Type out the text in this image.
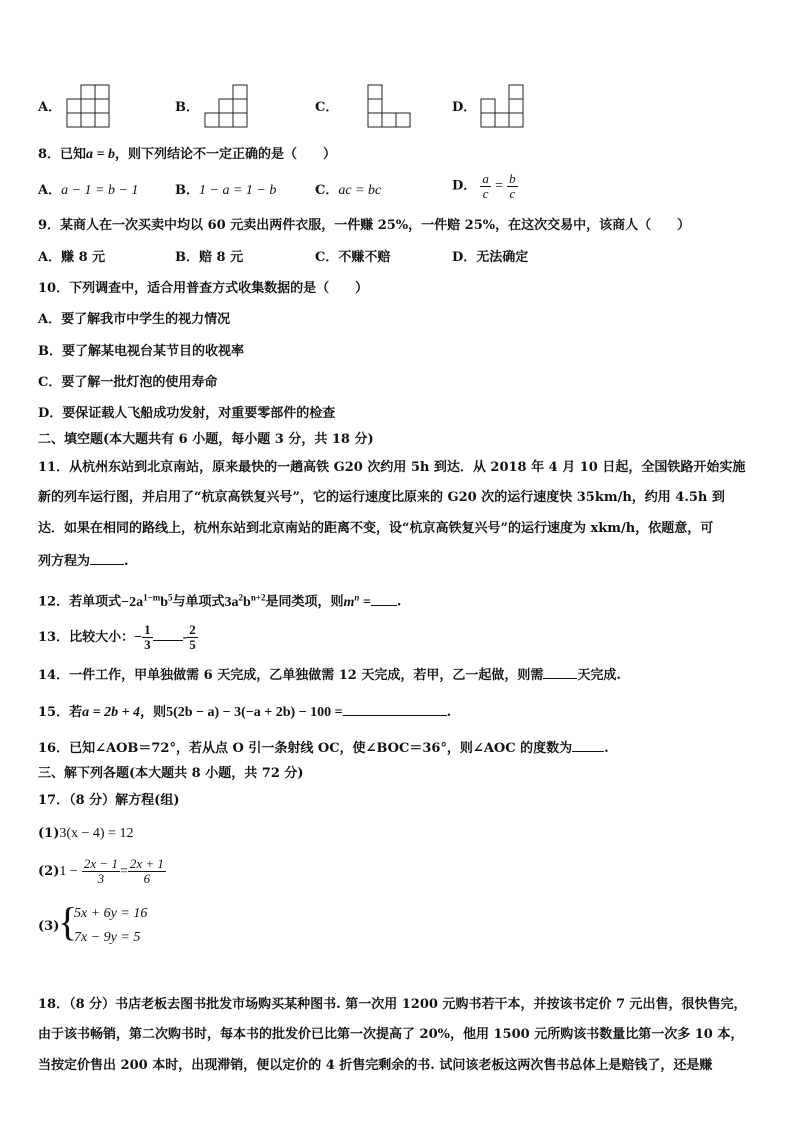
A．	B．	C．	D．
8．已知a = b，则下列结论不一定正确的是（　　）
A．a − 1 = b − 1	B．1 − a = 1 − b	C．ac = bc	D． $\frac{a}{c} = \frac{b}{c}$
9．某商人在一次买卖中均以 60 元卖出两件衣服，一件赚 25%，一件赔 25%，在这次交易中，该商人（　　）
A．赚 8 元	B．赔 8 元	C．不赚不赔	D．无法确定
10．下列调查中，适合用普查方式收集数据的是（　　）
A．要了解我市中学生的视力情况
B．要了解某电视台某节目的收视率
C．要了解一批灯泡的使用寿命
D．要保证载人飞船成功发射，对重要零部件的检查
二、填空题(本大题共有 6 小题，每小题 3 分，共 18 分)
11．从杭州东站到北京南站，原来最快的一趟高铁 G20 次约用 5h 到达．从 2018 年 4 月 10 日起，全国铁路开始实施
新的列车运行图，并启用了“杭京高铁复兴号”，它的运行速度比原来的 G20 次的运行速度快 35km/h，约用 4.5h 到
达．如果在相同的路线上，杭州东站到北京南站的距离不变，设“杭京高铁复兴号”的运行速度为 xkm/h，依题意，可
列方程为	.
12．若单项式$-2a^{1-m}b^5$与单项式$3a^2b^{n+2}$是同类项，则$m^n$ = .
13．比较大小：− $\frac{1}{3} - \frac{2}{5}$
14．一件工作，甲单独做需 6 天完成，乙单独做需 12 天完成，若甲，乙一起做，则需	天完成.
15．若a = 2b + 4，则5(2b − a) − 3(−a + 2b) − 100 =	.
16．已知∠AOB＝72°，若从点 O 引一条射线 OC，使∠BOC＝36°，则∠AOC 的度数为 .
三、解下列各题(本大题共 8 小题，共 72 分)
17．（8 分）解方程(组)
(1)3(x − 4) = 12
$(2)1 - \frac{2x - 1}{3} = \frac{2x + 1}{6}$
(3)
{
5x + 6y = 16
7x − 9y = 5
18．（8 分）书店老板去图书批发市场购买某种图书. 第一次用 1200 元购书若干本，并按该书定价 7 元出售，很快售完，
由于该书畅销，第二次购书时，每本书的批发价已比第一次提高了 20%，他用 1500 元所购该书数量比第一次多 10 本，
当按定价售出 200 本时，出现滞销，便以定价的 4 折售完剩余的书. 试问该老板这两次售书总体上是赔钱了，还是赚
